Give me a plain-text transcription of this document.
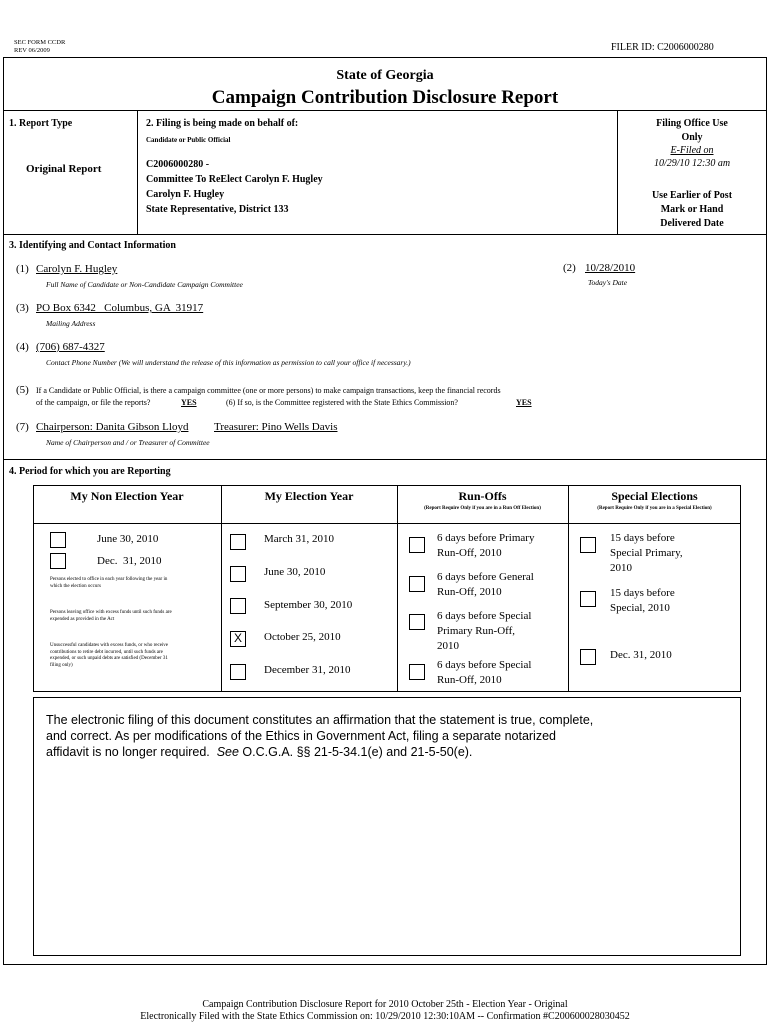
SEC FORM CCDR
REV 06/2009	FILER ID: C2006000280
State of Georgia
Campaign Contribution Disclosure Report
1. Report Type
Original Report
2. Filing is being made on behalf of:
Candidate or Public Official
C2006000280 -
Committee To ReElect Carolyn F. Hugley
Carolyn F. Hugley
State Representative, District 133
Filing Office Use
Only
E-Filed on
10/29/10 12:30 am
Use Earlier of Post
Mark or Hand
Delivered Date
3. Identifying and Contact Information
(1) Carolyn F. Hugley
Full Name of Candidate or Non-Candidate Campaign Committee
(2) 10/28/2010
Today's Date
(3) PO Box 6342   Columbus, GA  31917
Mailing Address
(4) (706) 687-4327
Contact Phone Number (We will understand the release of this information as permission to call your office if necessary.)
(5) If a Candidate or Public Official, is there a campaign committee (one or more persons) to make campaign transactions, keep the financial records
of the campaign, or file the reports?	YES	(6) If so, is the Committee registered with the State Ethics Commission?	YES
(7) Chairperson: Danita Gibson Lloyd Treasurer: Pino Wells Davis
Name of Chairperson and / or Treasurer of Committee
4. Period for which you are Reporting
My Non Election Year	My Election Year	Run-Offs	Special Elections
(Report Require Only if you are in a Run Off Election)	(Report Require Only if you are in a Special Election)
June 30, 2010
Dec.  31, 2010
Persons elected to office in each year following the year in which the election occurs
Persons leaving office with excess funds until such funds are expended as provided in the Act
Unsuccessful candidates with excess funds, or who receive contributions to retire debt incurred, until such funds are expended, or such unpaid debts are satisfied (December 31 filing only)
March 31, 2010
June 30, 2010
September 30, 2010
X	October 25, 2010
December 31, 2010
6 days before Primary
Run-Off, 2010
6 days before General
Run-Off, 2010
6 days before Special
Primary Run-Off,
2010
6 days before Special
Run-Off, 2010
15 days before
Special Primary,
2010
15 days before
Special, 2010
Dec. 31, 2010
The electronic filing of this document constitutes an affirmation that the statement is true, complete,
and correct. As per modifications of the Ethics in Government Act, filing a separate notarized
affidavit is no longer required.  See O.C.G.A. §§ 21-5-34.1(e) and 21-5-50(e).
Campaign Contribution Disclosure Report for 2010 October 25th - Election Year - Original
Electronically Filed with the State Ethics Commission on: 10/29/2010 12:30:10AM -- Confirmation #C200600028030452
